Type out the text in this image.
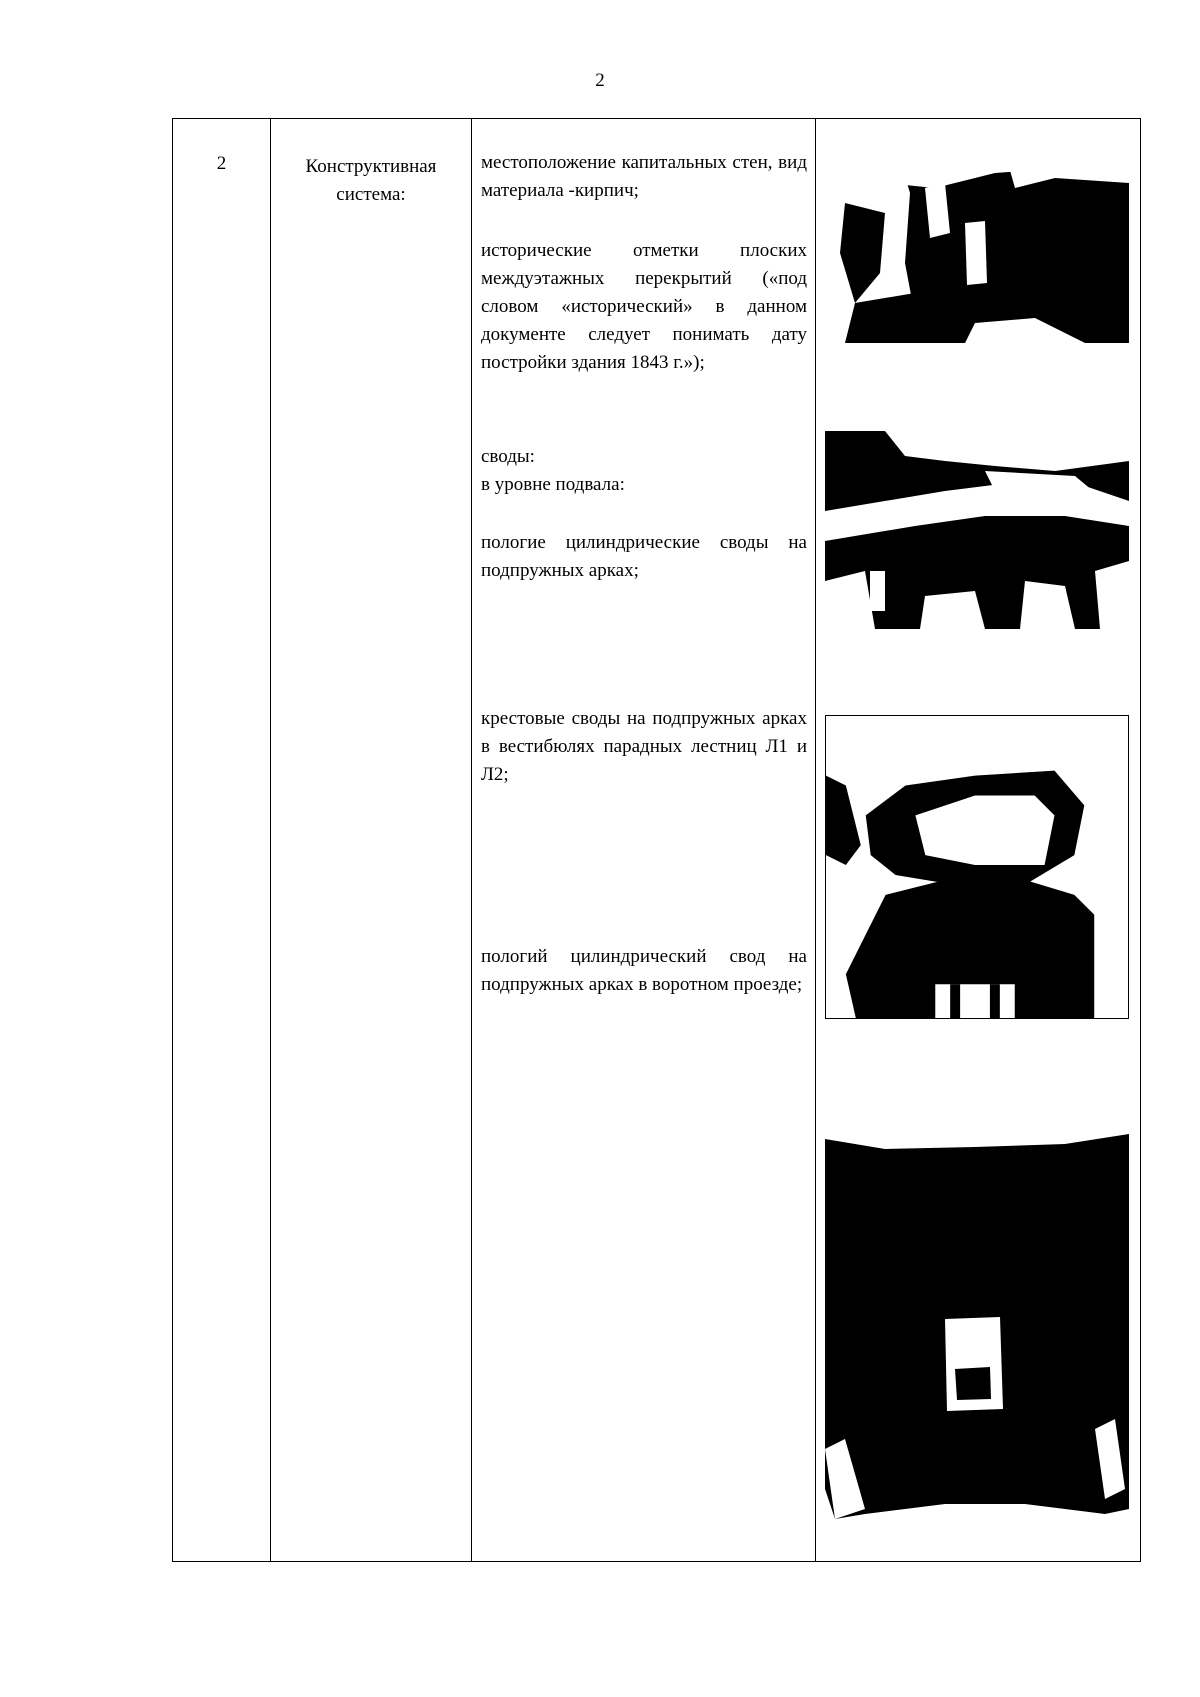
2
2	Конструктивная система:

местоположение капитальных стен, вид материала -кирпич;

исторические отметки плоских междуэтажных перекрытий («под словом «исторический» в данном документе следует понимать дату постройки здания 1843 г.»);

своды:

в уровне подвала:

пологие цилиндрические своды на подпружных арках;

крестовые своды на подпружных арках в вестибюлях парадных лестниц Л1 и Л2;

пологий цилиндрический свод на подпружных арках в воротном проезде;
